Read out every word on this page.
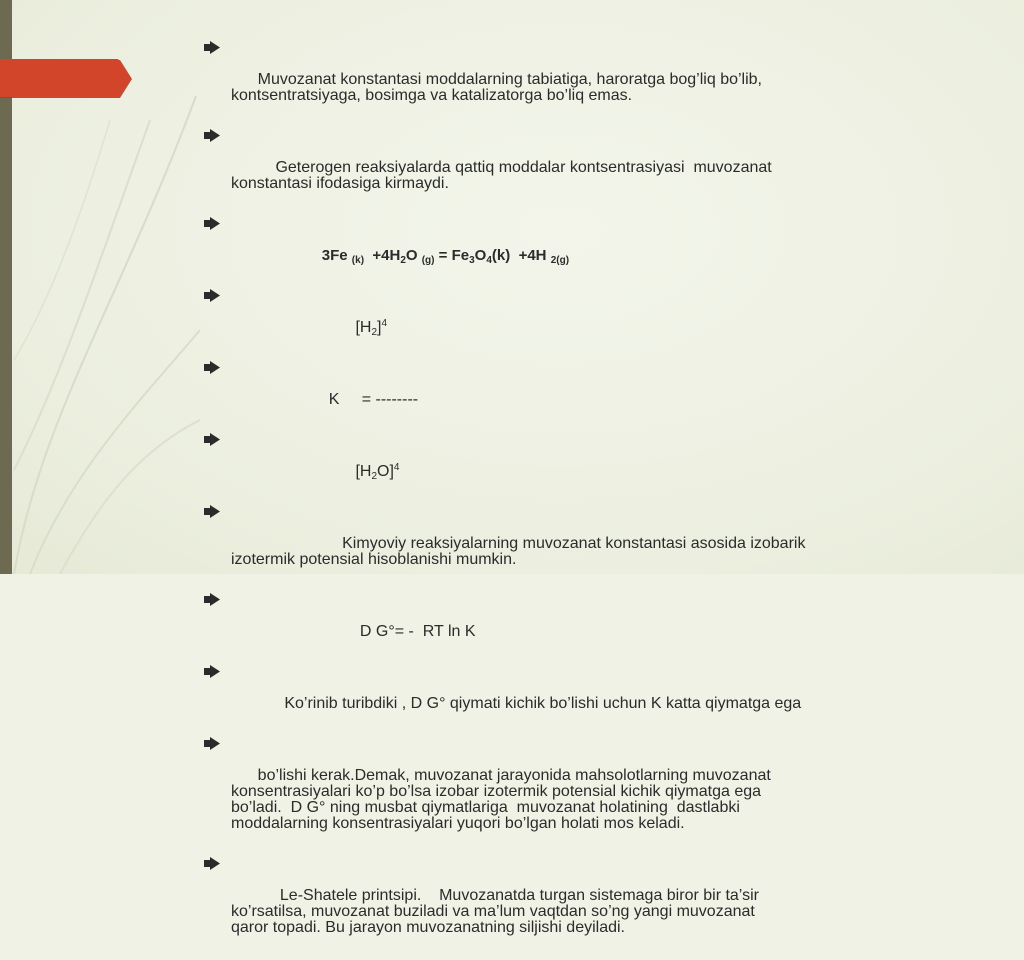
Muvozanat konstantasi moddalarning tabiatiga, haroratga bog’liq bo’lib,
kontsentratsiyaga, bosimga va katalizatorga bo’liq emas.

Geterogen reaksiyalarda qattiq moddalar kontsentrasiyasi  muvozanat
konstantasi ifodasiga kirmaydi.

3Fe $_{(k)} +4H_2O$ $_{(g)} = Fe_3O_4(k) +4H$ $_{2(g)}$

$[H_2]^4$

K     = --------

$[H_2O]^4$

Kimyoviy reaksiyalarning muvozanat konstantasi asosida izobarik
izotermik potensial hisoblanishi mumkin.

D G°= -  RT ln K

Ko’rinib turibdiki , D G° qiymati kichik bo’lishi uchun K katta qiymatga ega

bo’lishi kerak.Demak, muvozanat jarayonida mahsolotlarning muvozanat
konsentrasiyalari ko’p bo’lsa izobar izotermik potensial kichik qiymatga ega
bo’ladi.  D G° ning musbat qiymatlariga  muvozanat holatining  dastlabki
moddalarning konsentrasiyalari yuqori bo’lgan holati mos keladi.

Le-Shatele printsipi.    Muvozanatda turgan sistemaga biror bir ta’sir
ko’rsatilsa, muvozanat buziladi va ma’lum vaqtdan so’ng yangi muvozanat
qaror topadi. Bu jarayon muvozanatning siljishi deyiladi.
